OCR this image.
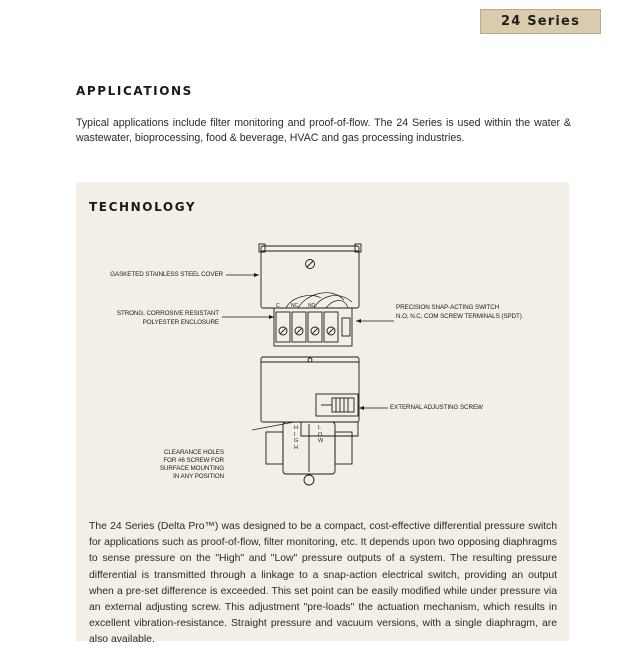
24 Series
APPLICATIONS

Typical applications include filter monitoring and proof-of-flow. The 24 Series is used within the water & wastewater, bioprocessing, food & beverage, HVAC and gas processing industries.

TECHNOLOGY
C NC NO
H I G H
L O W
GASKETED STAINLESS STEEL COVER
STRONG, CORROSIVE RESISTANT
POLYESTER ENCLOSURE
PRECISION SNAP-ACTING SWITCH
N.O, N.C, COM SCREW TERMINALS (SPDT)
EXTERNAL ADJUSTING SCREW
CLEARANCE HOLES
FOR #6 SCREW FOR
SURFACE MOUNTING
IN ANY POSITION

The 24 Series (Delta Pro™) was designed to be a compact, cost-effective differential pressure switch for applications such as proof-of-flow, filter monitoring, etc. It depends upon two opposing diaphragms to sense pressure on the "High" and "Low" pressure outputs of a system. The resulting pressure differential is transmitted through a linkage to a snap-action electrical switch, providing an output when a pre-set difference is exceeded. This set point can be easily modified while under pressure via an external adjusting screw. This adjustment "pre-loads" the actuation mechanism, which results in excellent vibration-resistance. Straight pressure and vacuum versions, with a single diaphragm, are also available.
